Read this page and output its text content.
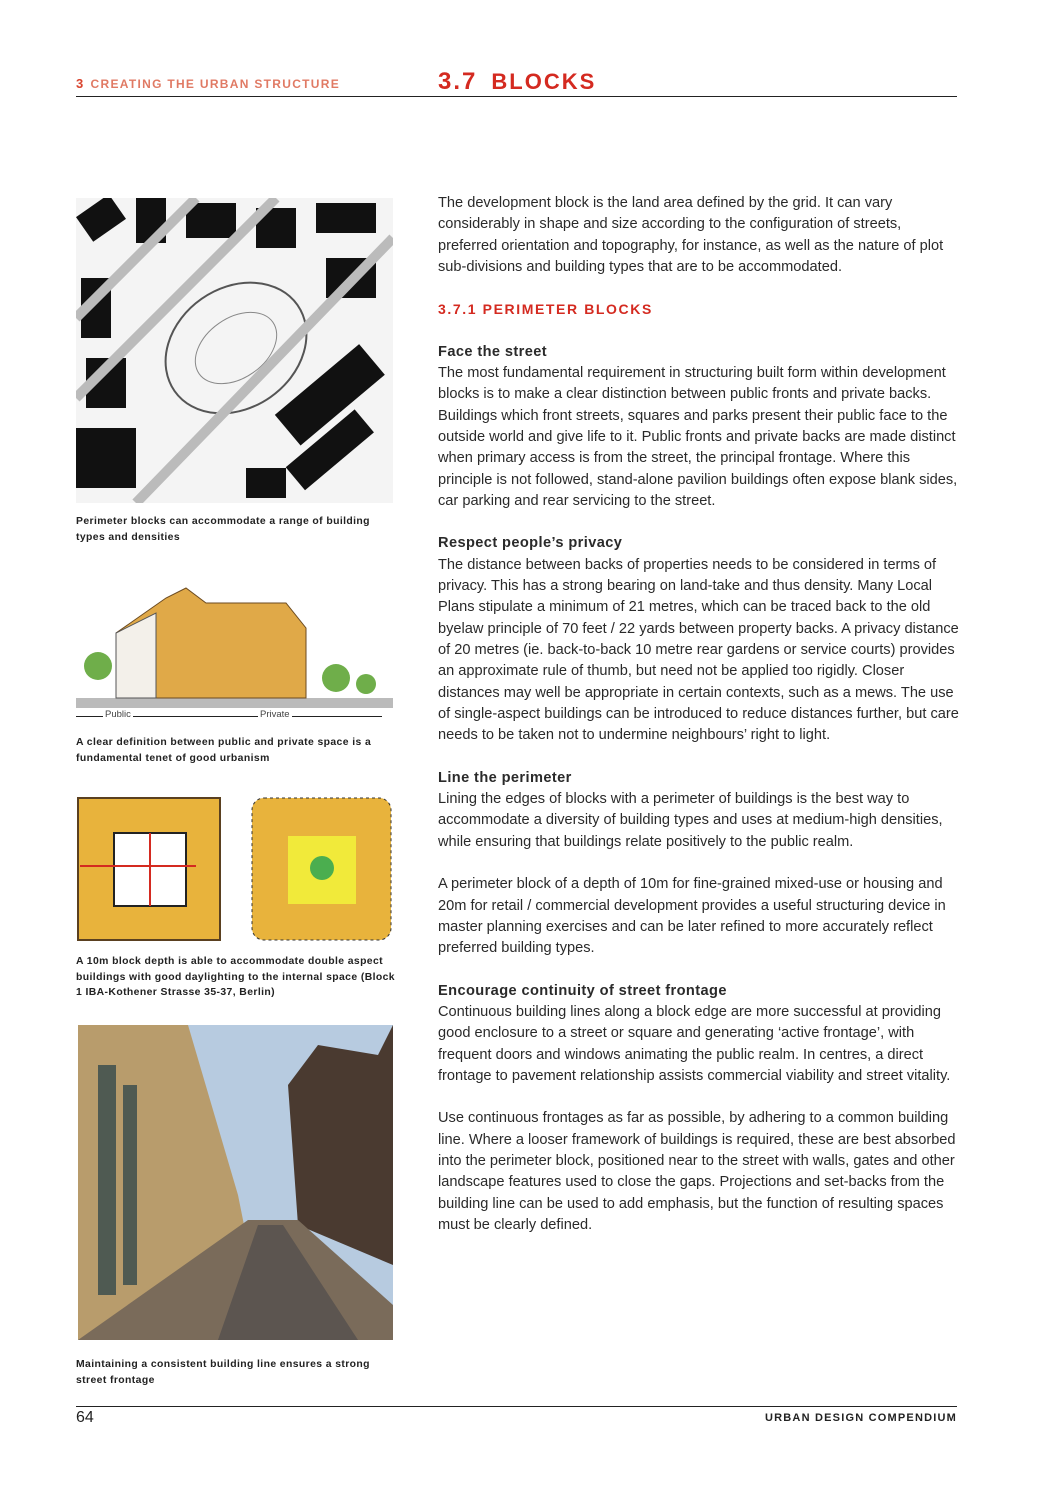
3 CREATING THE URBAN STRUCTURE	3.7 BLOCKS
Perimeter blocks can accommodate a range of building types and densities
Public	Private
A clear definition between public and private space is a fundamental tenet of good urbanism
A 10m block depth is able to accommodate double aspect buildings with good daylighting to the internal space (Block 1 IBA-Kothener Strasse 35-37, Berlin)
Maintaining a consistent building line ensures a strong street frontage

The development block is the land area defined by the grid. It can vary considerably in shape and size according to the configuration of streets, preferred orientation and topography, for instance, as well as the nature of plot sub-divisions and building types that are to be accommodated.

3.7.1 PERIMETER BLOCKS
Face the street

The most fundamental requirement in structuring built form within development blocks is to make a clear distinction between public fronts and private backs. Buildings which front streets, squares and parks present their public face to the outside world and give life to it. Public fronts and private backs are made distinct when primary access is from the street, the principal frontage. Where this principle is not followed, stand-alone pavilion buildings often expose blank sides, car parking and rear servicing to the street.

Respect people’s privacy

The distance between backs of properties needs to be considered in terms of privacy. This has a strong bearing on land-take and thus density. Many Local Plans stipulate a minimum of 21 metres, which can be traced back to the old byelaw principle of 70 feet / 22 yards between property backs. A privacy distance of 20 metres (ie. back-to-back 10 metre rear gardens or service courts) provides an approximate rule of thumb, but need not be applied too rigidly. Closer distances may well be appropriate in certain contexts, such as a mews. The use of single-aspect buildings can be introduced to reduce distances further, but care needs to be taken not to undermine neighbours’ right to light.

Line the perimeter

Lining the edges of blocks with a perimeter of buildings is the best way to accommodate a diversity of building types and uses at medium-high densities, while ensuring that buildings relate positively to the public realm.

A perimeter block of a depth of 10m for fine-grained mixed-use or housing and 20m for retail / commercial development provides a useful structuring device in master planning exercises and can be later refined to more accurately reflect preferred building types.

Encourage continuity of street frontage

Continuous building lines along a block edge are more successful at providing good enclosure to a street or square and generating ‘active frontage’, with frequent doors and windows animating the public realm. In centres, a direct frontage to pavement relationship assists commercial viability and street vitality.

Use continuous frontages as far as possible, by adhering to a common building line. Where a looser framework of buildings is required, these are best absorbed into the perimeter block, positioned near to the street with walls, gates and other landscape features used to close the gaps. Projections and set-backs from the building line can be used to add emphasis, but the function of resulting spaces must be clearly defined.

64	URBAN DESIGN COMPENDIUM
